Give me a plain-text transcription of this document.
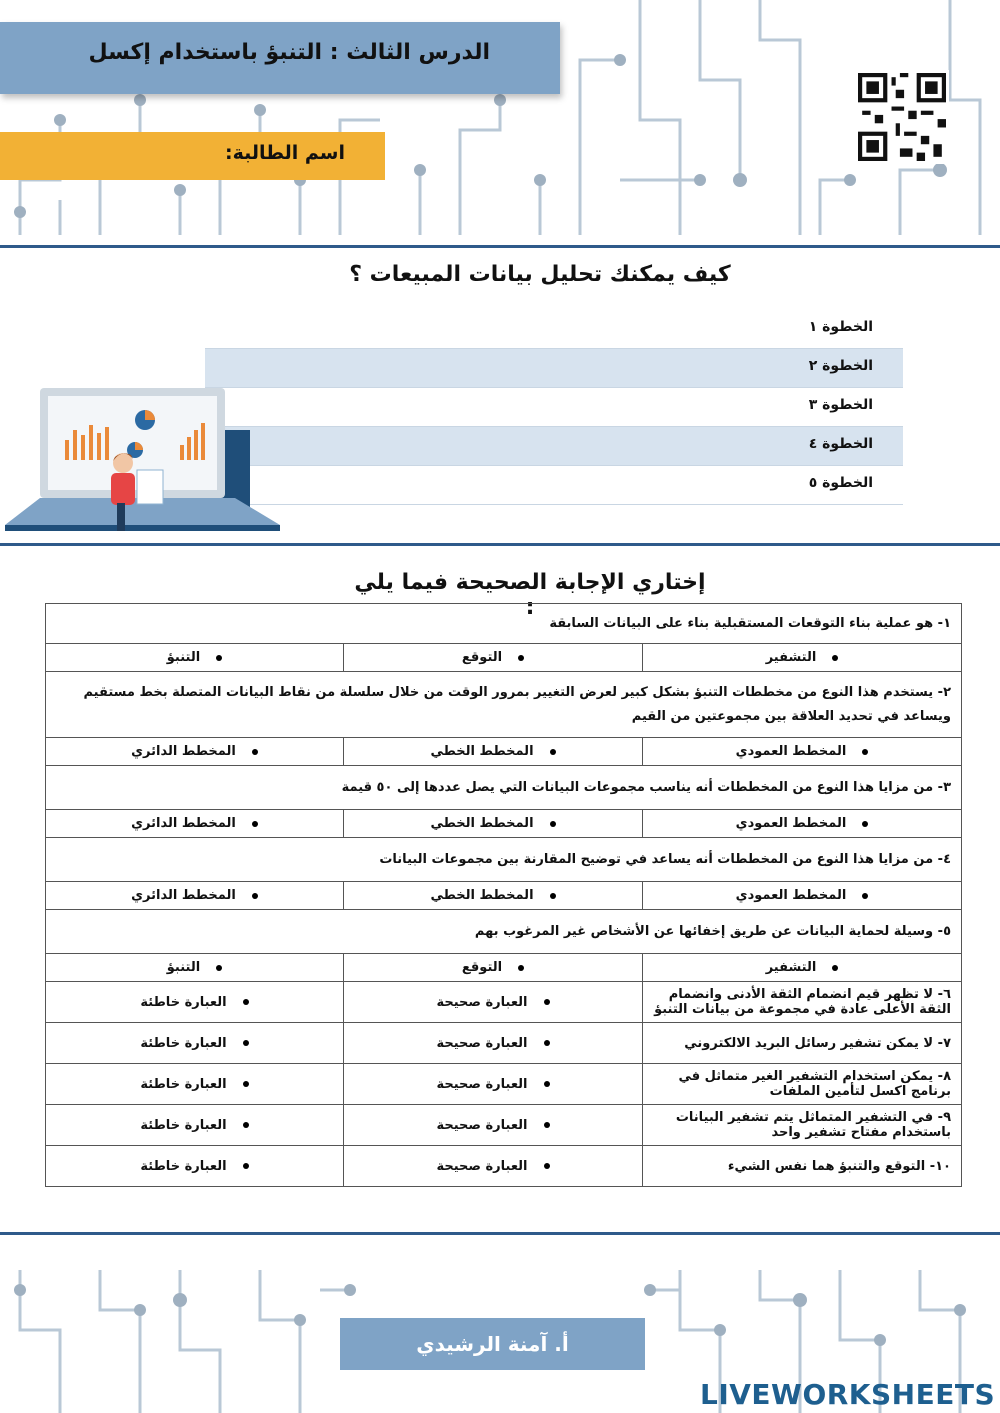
الدرس الثالث : التنبؤ باستخدام إكسل
اسم الطالبة:
كيف يمكنك تحليل بيانات المبيعات ؟
الخطوة ١
الخطوة ٢
الخطوة ٣
الخطوة ٤
الخطوة ٥
إختاري الإجابة الصحيحة فيما يلي :
١- هو عملية بناء التوقعات المستقبلية بناء على البيانات السابقة		
التنبؤ	التوقع	التشفير
٢- يستخدم هذا النوع من مخططات التنبؤ بشكل كبير لعرض التغيير بمرور الوقت من خلال سلسلة من نقاط البيانات المتصلة بخط مستقيم ويساعد في تحديد العلاقة بين مجموعتين من القيم		
المخطط الدائري	المخطط الخطي	المخطط العمودي
٣- من مزايا هذا النوع من المخططات أنه يناسب مجموعات البيانات التي يصل عددها إلى ٥٠ قيمة		
المخطط الدائري	المخطط الخطي	المخطط العمودي
٤- من مزايا هذا النوع من المخططات أنه يساعد في توضيح المقارنة بين مجموعات البيانات		
المخطط الدائري	المخطط الخطي	المخطط العمودي
٥- وسيلة لحماية البيانات عن طريق إخفائها عن الأشخاص غير المرغوب بهم		
التنبؤ	التوقع	التشفير
العبارة خاطئة	العبارة صحيحة	٦- لا تظهر قيم انضمام الثقة الأدنى وانضمام الثقة الأعلى عادة في مجموعة من بيانات التنبؤ
العبارة خاطئة	العبارة صحيحة	٧- لا يمكن تشفير رسائل البريد الالكتروني
العبارة خاطئة	العبارة صحيحة	٨- يمكن استخدام التشفير الغير متماثل في برنامج اكسل لتأمين الملفات
العبارة خاطئة	العبارة صحيحة	٩- في التشفير المتماثل يتم تشفير البيانات باستخدام مفتاح تشفير واحد
العبارة خاطئة	العبارة صحيحة	١٠- التوقع والتنبؤ هما نفس الشيء
أ. آمنة الرشيدي
LIVEWORKSHEETS
